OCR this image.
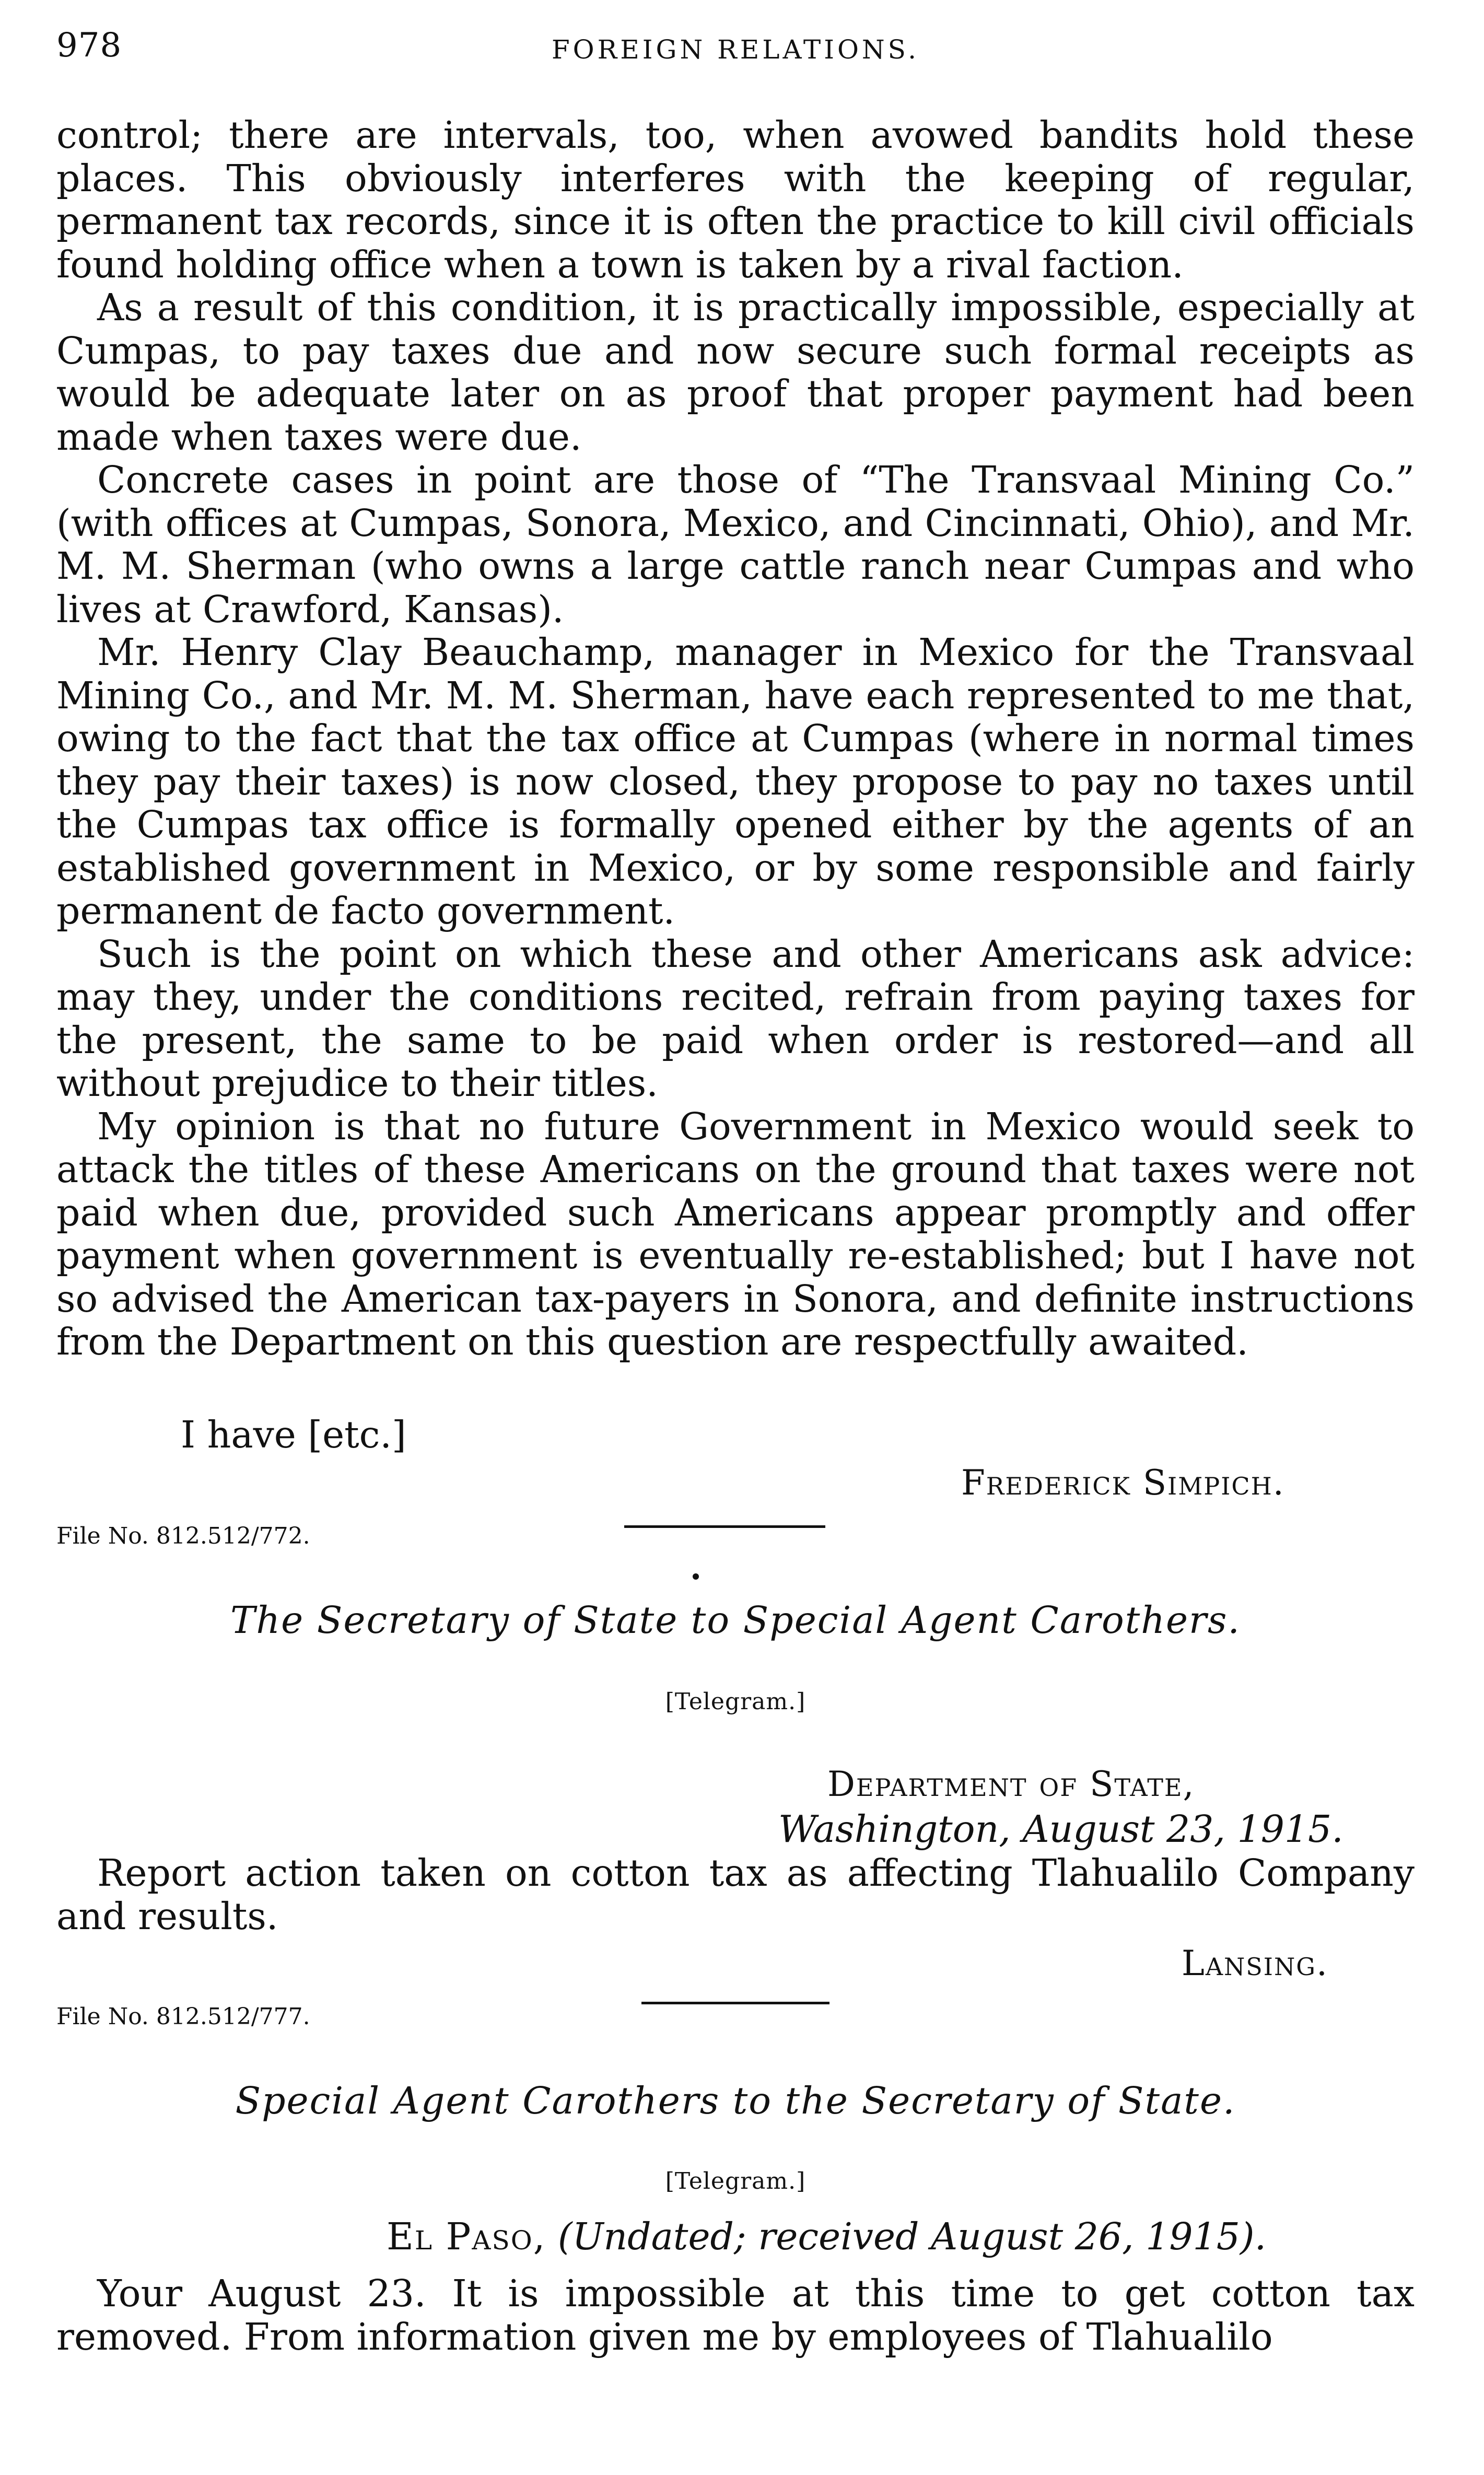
978	FOREIGN RELATIONS.

control; there are intervals, too, when avowed bandits hold these places. This obviously interferes with the keeping of regular, permanent tax records, since it is often the practice to kill civil officials found holding office when a town is taken by a rival faction.

As a result of this condition, it is practically impossible, especially at Cumpas, to pay taxes due and now secure such formal receipts as would be adequate later on as proof that proper payment had been made when taxes were due.

Concrete cases in point are those of “The Transvaal Mining Co.” (with offices at Cumpas, Sonora, Mexico, and Cincinnati, Ohio), and Mr. M. M. Sherman (who owns a large cattle ranch near Cumpas and who lives at Crawford, Kansas).

Mr. Henry Clay Beauchamp, manager in Mexico for the Transvaal Mining Co., and Mr. M. M. Sherman, have each represented to me that, owing to the fact that the tax office at Cumpas (where in normal times they pay their taxes) is now closed, they propose to pay no taxes until the Cumpas tax office is formally opened either by the agents of an established government in Mexico, or by some responsible and fairly permanent de facto government.

Such is the point on which these and other Americans ask advice: may they, under the conditions recited, refrain from paying taxes for the present, the same to be paid when order is restored—and all without prejudice to their titles.

My opinion is that no future Government in Mexico would seek to attack the titles of these Americans on the ground that taxes were not paid when due, provided such Americans appear promptly and offer payment when government is eventually re-established; but I have not so advised the American tax-payers in Sonora, and definite instructions from the Department on this question are respectfully awaited.

I have [etc.]
Frederick Simpich.
File No. 812.512/772.
The Secretary of State to Special Agent Carothers.
[Telegram.]
Department of State,
Washington, August 23, 1915.

Report action taken on cotton tax as affecting Tlahualilo Company and results.

Lansing.
File No. 812.512/777.
Special Agent Carothers to the Secretary of State.
[Telegram.]
El Paso, (Undated; received August 26, 1915).

Your August 23. It is impossible at this time to get cotton tax removed. From information given me by employees of Tlahualilo
